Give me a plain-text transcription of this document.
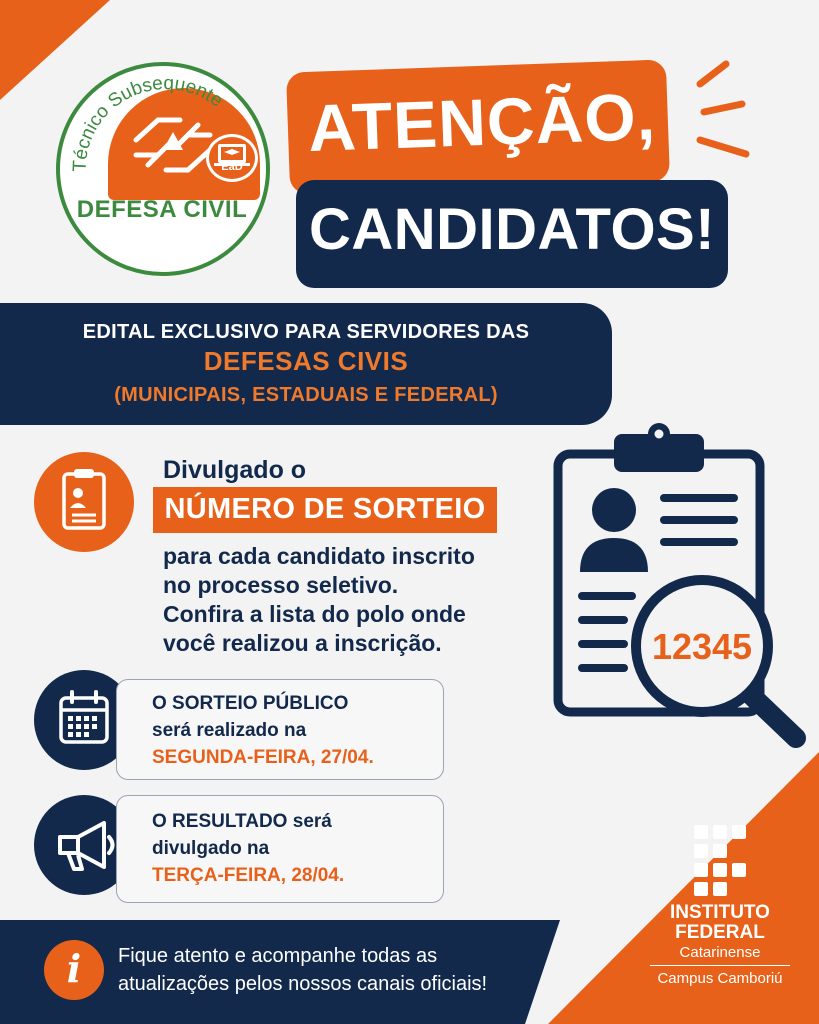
Técnico Subsequente
DEFESA CIVIL
EaD
ATENÇÃO,
CANDIDATOS!
EDITAL EXCLUSIVO PARA SERVIDORES DAS
DEFESAS CIVIS
(MUNICIPAIS, ESTADUAIS E FEDERAL)
Divulgado o
NÚMERO DE SORTEIO
para cada candidato inscrito
no processo seletivo.
Confira a lista do polo onde
você realizou a inscrição.	12345
O SORTEIO PÚBLICO
será realizado na
SEGUNDA-FEIRA, 27/04.
O RESULTADO será
divulgado na
TERÇA-FEIRA, 28/04.
i	Fique atento e acompanhe todas as
atualizações pelos nossos canais oficiais!
INSTITUTO
FEDERAL
Catarinense
Campus Camboriú
